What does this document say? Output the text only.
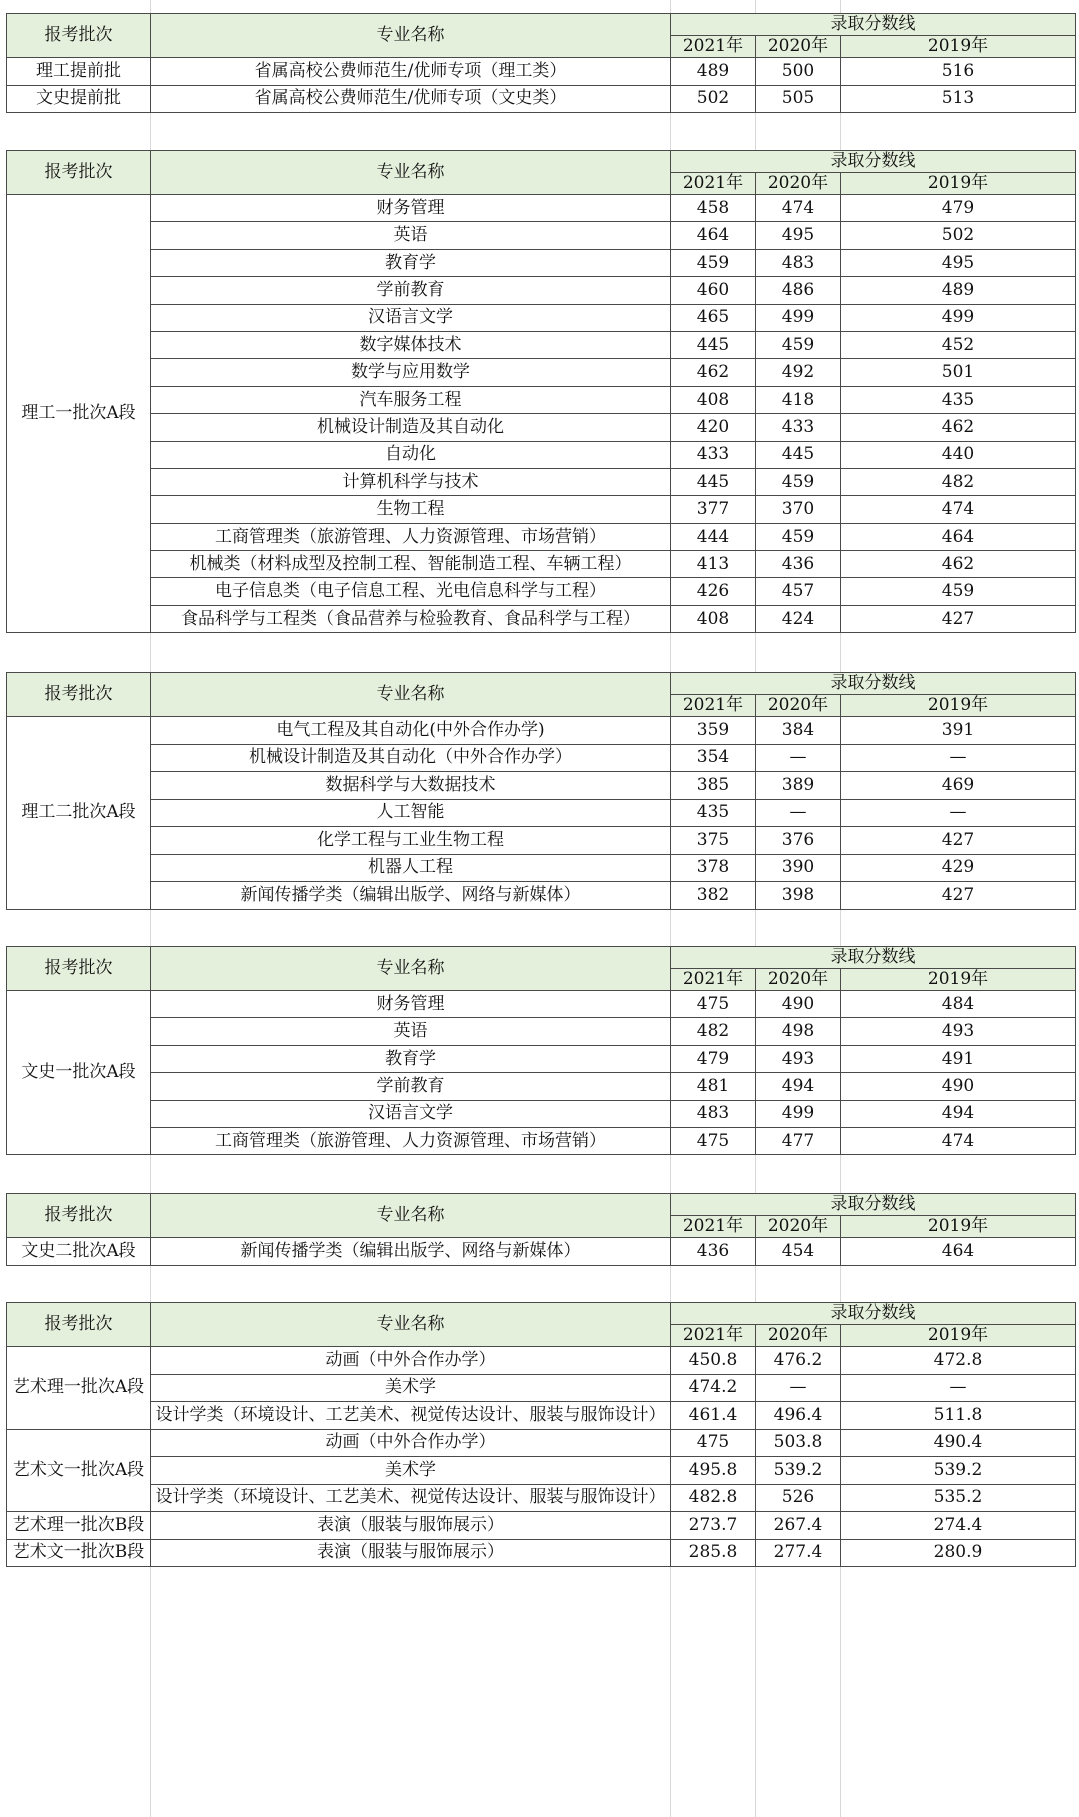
报考批次	专业名称	录取分数线		
		2021年	2020年	2019年
理工提前批	省属高校公费师范生/优师专项（理工类）	489	500	516
文史提前批	省属高校公费师范生/优师专项（文史类）	502	505	513
报考批次	专业名称	录取分数线		
		2021年	2020年	2019年
理工一批次A段	财务管理	458	474	479
	英语	464	495	502
	教育学	459	483	495
	学前教育	460	486	489
	汉语言文学	465	499	499
	数字媒体技术	445	459	452
	数学与应用数学	462	492	501
	汽车服务工程	408	418	435
	机械设计制造及其自动化	420	433	462
	自动化	433	445	440
	计算机科学与技术	445	459	482
	生物工程	377	370	474
	工商管理类（旅游管理、人力资源管理、市场营销）	444	459	464
	机械类（材料成型及控制工程、智能制造工程、车辆工程）	413	436	462
	电子信息类（电子信息工程、光电信息科学与工程）	426	457	459
	食品科学与工程类（食品营养与检验教育、食品科学与工程）	408	424	427
报考批次	专业名称	录取分数线		
		2021年	2020年	2019年
理工二批次A段	电气工程及其自动化(中外合作办学)	359	384	391
	机械设计制造及其自动化（中外合作办学）	354	—	—
	数据科学与大数据技术	385	389	469
	人工智能	435	—	—
	化学工程与工业生物工程	375	376	427
	机器人工程	378	390	429
	新闻传播学类（编辑出版学、网络与新媒体）	382	398	427
报考批次	专业名称	录取分数线		
		2021年	2020年	2019年
文史一批次A段	财务管理	475	490	484
	英语	482	498	493
	教育学	479	493	491
	学前教育	481	494	490
	汉语言文学	483	499	494
	工商管理类（旅游管理、人力资源管理、市场营销）	475	477	474
报考批次	专业名称	录取分数线		
		2021年	2020年	2019年
文史二批次A段	新闻传播学类（编辑出版学、网络与新媒体）	436	454	464
报考批次	专业名称	录取分数线		
		2021年	2020年	2019年
艺术理一批次A段	动画（中外合作办学）	450.8	476.2	472.8
	美术学	474.2	—	—
	设计学类（环境设计、工艺美术、视觉传达设计、服装与服饰设计）	461.4	496.4	511.8
艺术文一批次A段	动画（中外合作办学）	475	503.8	490.4
	美术学	495.8	539.2	539.2
	设计学类（环境设计、工艺美术、视觉传达设计、服装与服饰设计）	482.8	526	535.2
艺术理一批次B段	表演（服装与服饰展示）	273.7	267.4	274.4
艺术文一批次B段	表演（服装与服饰展示）	285.8	277.4	280.9
